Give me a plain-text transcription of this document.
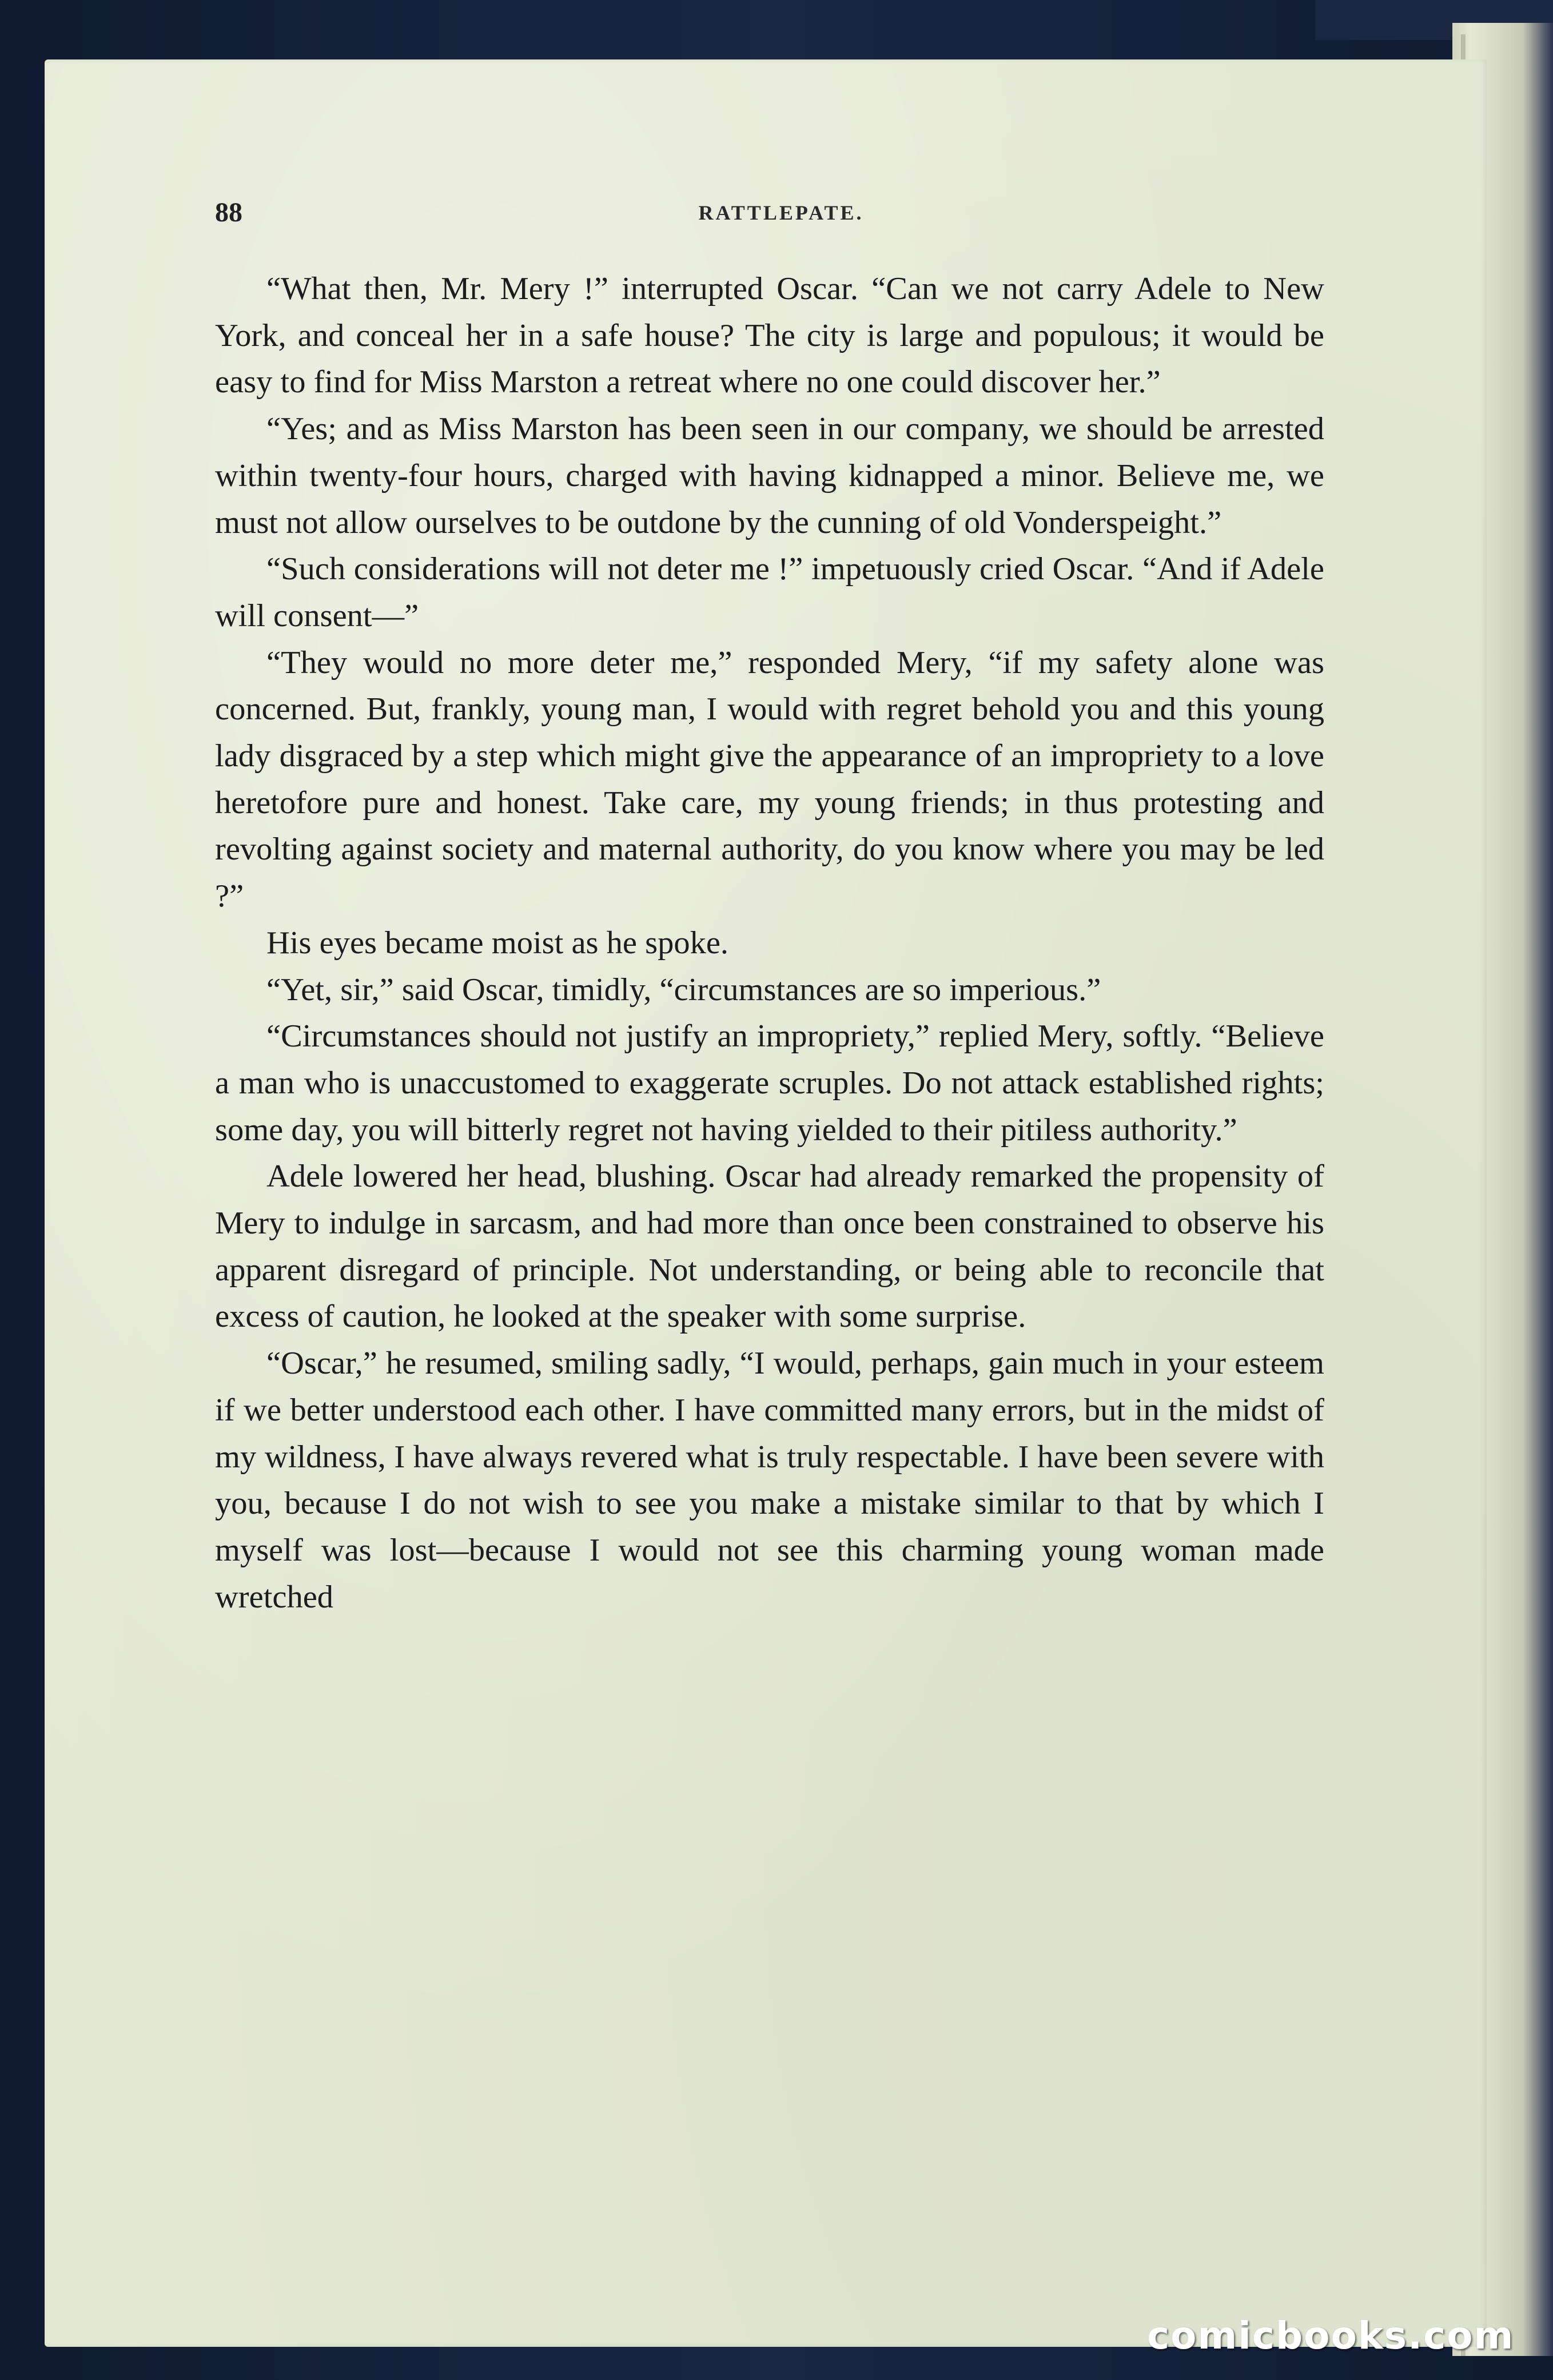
88	RATTLEPATE.

“What then, Mr. Mery !” interrupted Oscar. “Can we not carry Adele to New York, and conceal her in a safe house? The city is large and populous; it would be easy to find for Miss Marston a retreat where no one could discover her.”

“Yes; and as Miss Marston has been seen in our company, we should be arrested within twenty-four hours, charged with having kidnapped a minor. Believe me, we must not allow ourselves to be outdone by the cunning of old Vonderspeight.”

“Such considerations will not deter me !” impetuously cried Oscar. “And if Adele will consent—”

“They would no more deter me,” responded Mery, “if my safety alone was concerned. But, frankly, young man, I would with regret behold you and this young lady disgraced by a step which might give the appearance of an impropriety to a love heretofore pure and honest. Take care, my young friends; in thus protesting and revolting against society and maternal authority, do you know where you may be led ?”

His eyes became moist as he spoke.

“Yet, sir,” said Oscar, timidly, “circumstances are so imperious.”

“Circumstances should not justify an impropriety,” replied Mery, softly. “Believe a man who is unaccustomed to exaggerate scruples. Do not attack established rights; some day, you will bitterly regret not having yielded to their pitiless authority.”

Adele lowered her head, blushing. Oscar had already remarked the propensity of Mery to indulge in sarcasm, and had more than once been constrained to observe his apparent disregard of principle. Not understanding, or being able to reconcile that excess of caution, he looked at the speaker with some surprise.

“Oscar,” he resumed, smiling sadly, “I would, perhaps, gain much in your esteem if we better understood each other. I have committed many errors, but in the midst of my wildness, I have always revered what is truly respectable. I have been severe with you, because I do not wish to see you make a mistake similar to that by which I myself was lost—because I would not see this charming young woman made wretched

comicbooks.com
